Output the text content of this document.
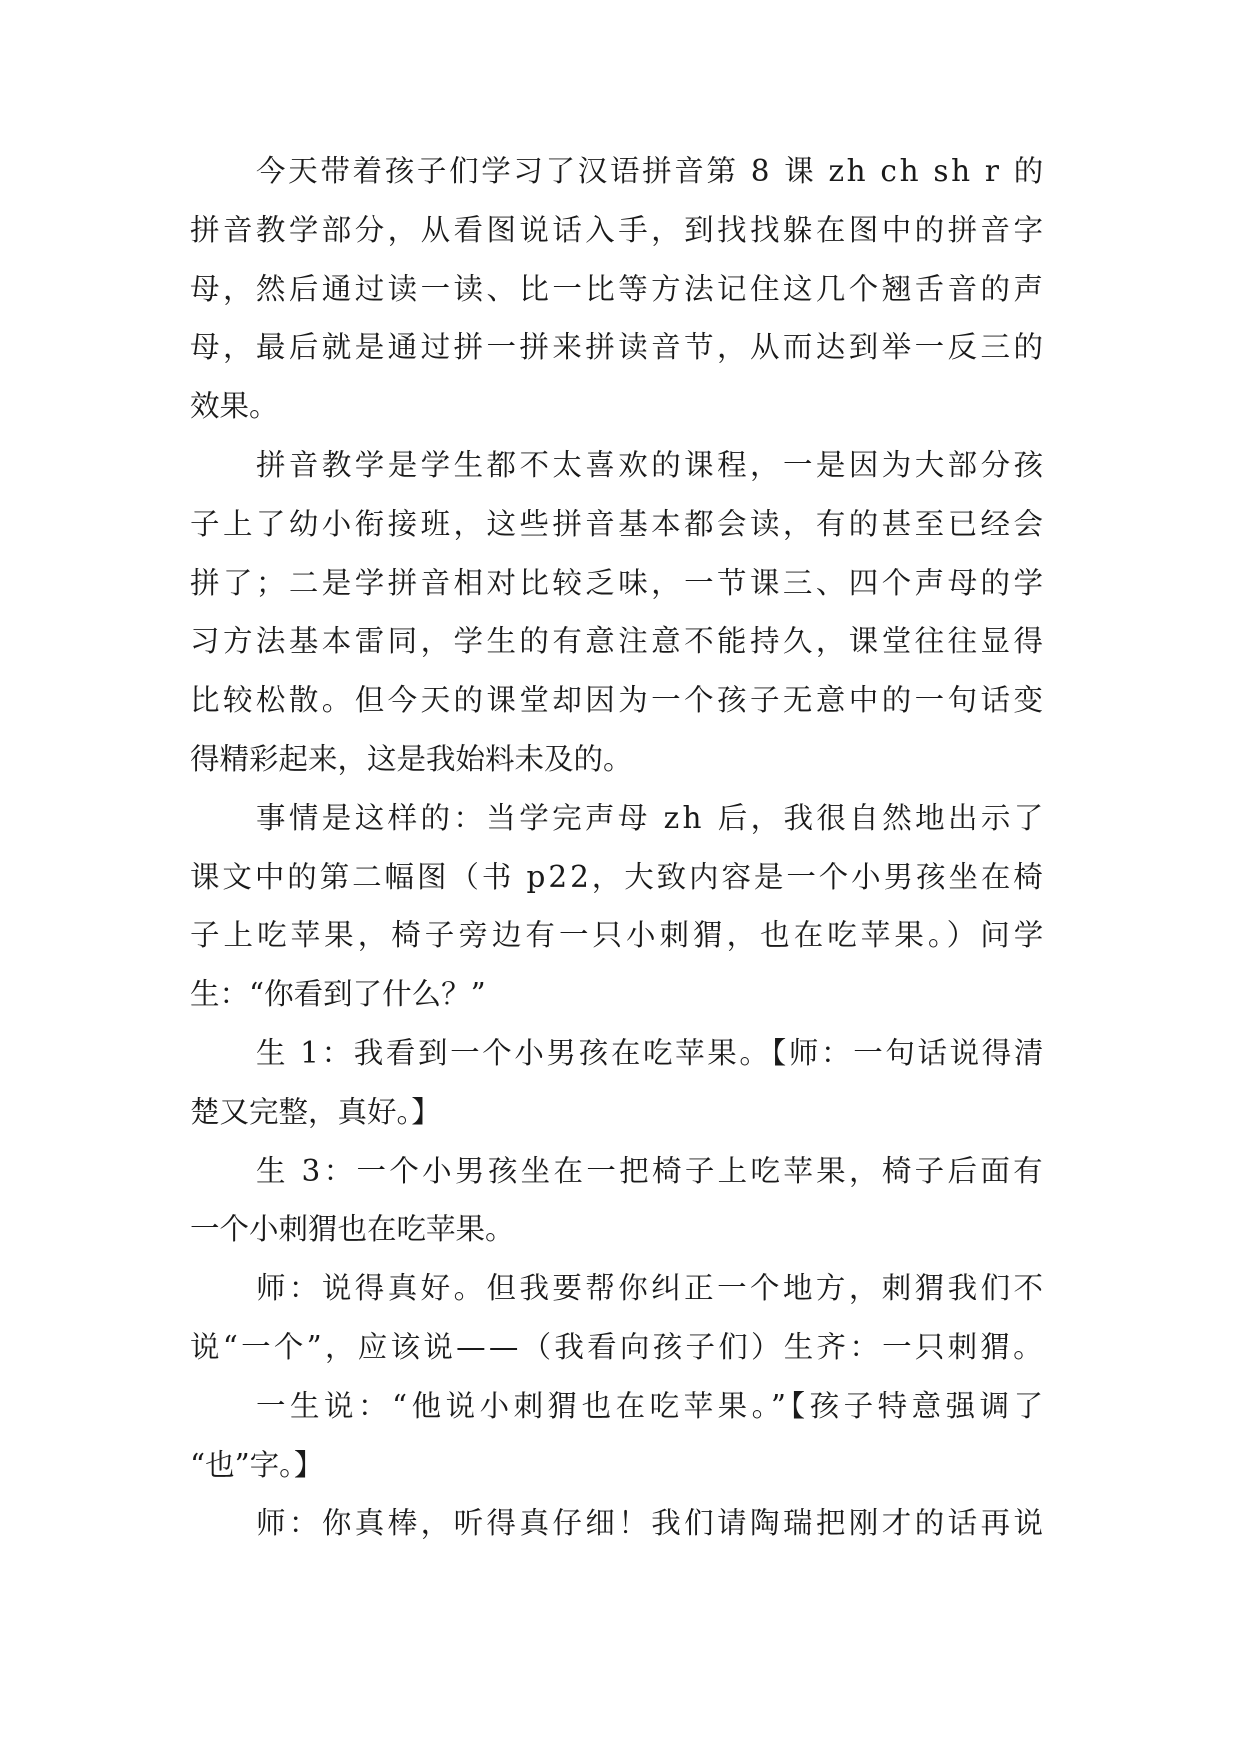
今天带着孩子们学习了汉语拼音第 8 课 zh ch sh r 的
拼音教学部分，从看图说话入手，到找找躲在图中的拼音字
母，然后通过读一读、比一比等方法记住这几个翘舌音的声
母，最后就是通过拼一拼来拼读音节，从而达到举一反三的
效果。
拼音教学是学生都不太喜欢的课程，一是因为大部分孩
子上了幼小衔接班，这些拼音基本都会读，有的甚至已经会
拼了；二是学拼音相对比较乏味，一节课三、四个声母的学
习方法基本雷同，学生的有意注意不能持久，课堂往往显得
比较松散。但今天的课堂却因为一个孩子无意中的一句话变
得精彩起来，这是我始料未及的。
事情是这样的：当学完声母 zh 后，我很自然地出示了
课文中的第二幅图（书 p22，大致内容是一个小男孩坐在椅
子上吃苹果，椅子旁边有一只小刺猬，也在吃苹果。）问学
生：“你看到了什么？”
生 1：我看到一个小男孩在吃苹果。【师：一句话说得清
楚又完整，真好。】
生 3：一个小男孩坐在一把椅子上吃苹果，椅子后面有
一个小刺猬也在吃苹果。
师：说得真好。但我要帮你纠正一个地方，刺猬我们不
说“一个”，应该说——（我看向孩子们）生齐：一只刺猬。
一生说：“他说小刺猬也在吃苹果。”【孩子特意强调了
“也”字。】
师：你真棒，听得真仔细！我们请陶瑞把刚才的话再说
